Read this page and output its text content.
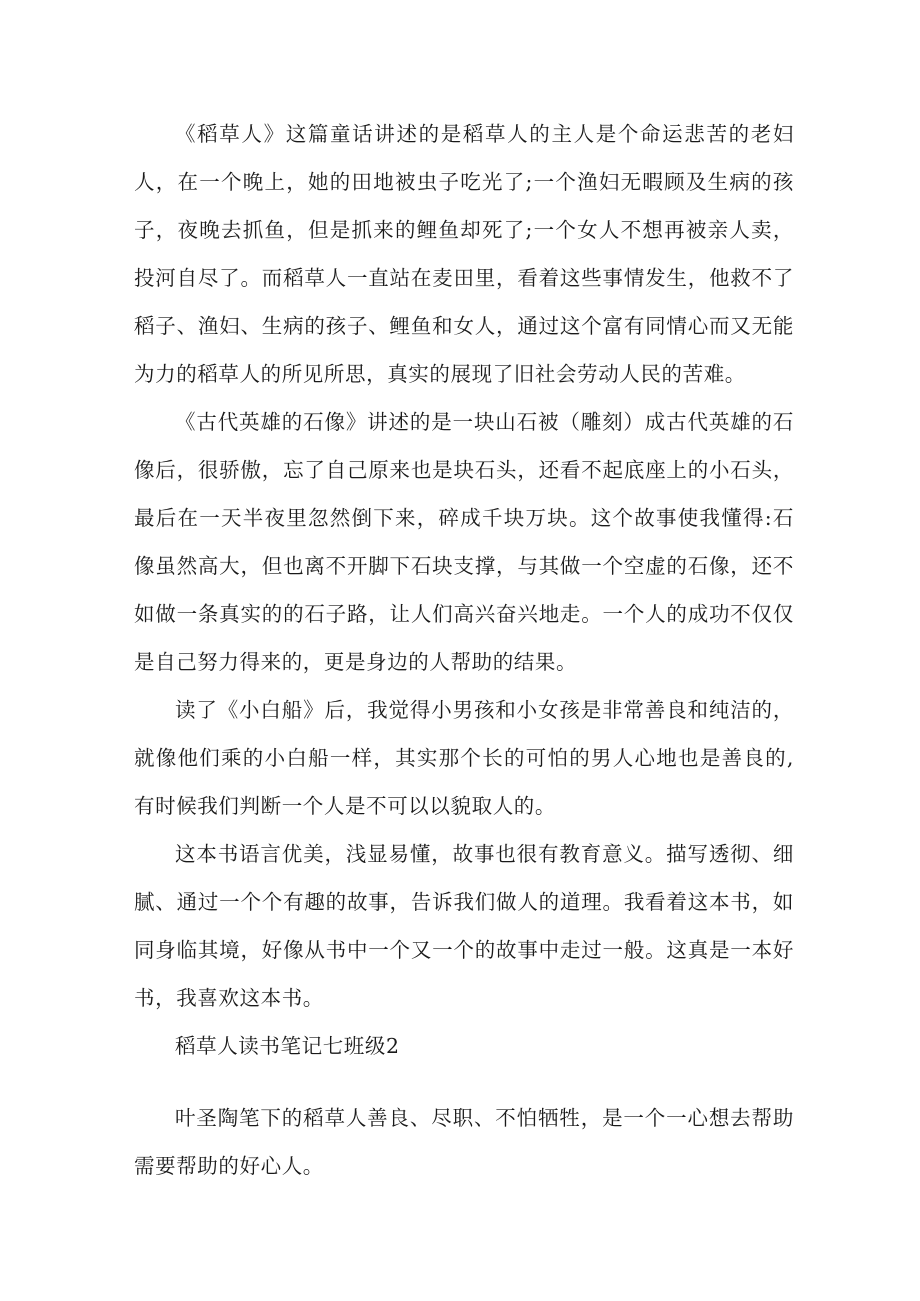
《稻草人》这篇童话讲述的是稻草人的主人是个命运悲苦的老妇人，在一个晚上，她的田地被虫子吃光了;一个渔妇无暇顾及生病的孩子，夜晚去抓鱼，但是抓来的鲤鱼却死了;一个女人不想再被亲人卖，投河自尽了。而稻草人一直站在麦田里，看着这些事情发生，他救不了稻子、渔妇、生病的孩子、鲤鱼和女人，通过这个富有同情心而又无能为力的稻草人的所见所思，真实的展现了旧社会劳动人民的苦难。

《古代英雄的石像》讲述的是一块山石被（雕刻）成古代英雄的石像后，很骄傲，忘了自己原来也是块石头，还看不起底座上的小石头，最后在一天半夜里忽然倒下来，碎成千块万块。这个故事使我懂得:石像虽然高大，但也离不开脚下石块支撑，与其做一个空虚的石像，还不如做一条真实的的石子路，让人们高兴奋兴地走。一个人的成功不仅仅是自己努力得来的，更是身边的人帮助的结果。

读了《小白船》后，我觉得小男孩和小女孩是非常善良和纯洁的，就像他们乘的小白船一样，其实那个长的可怕的男人心地也是善良的,有时候我们判断一个人是不可以以貌取人的。

这本书语言优美，浅显易懂，故事也很有教育意义。描写透彻、细腻、通过一个个有趣的故事，告诉我们做人的道理。我看着这本书，如同身临其境，好像从书中一个又一个的故事中走过一般。这真是一本好书，我喜欢这本书。

稻草人读书笔记七班级2

叶圣陶笔下的稻草人善良、尽职、不怕牺牲，是一个一心想去帮助需要帮助的好心人。
